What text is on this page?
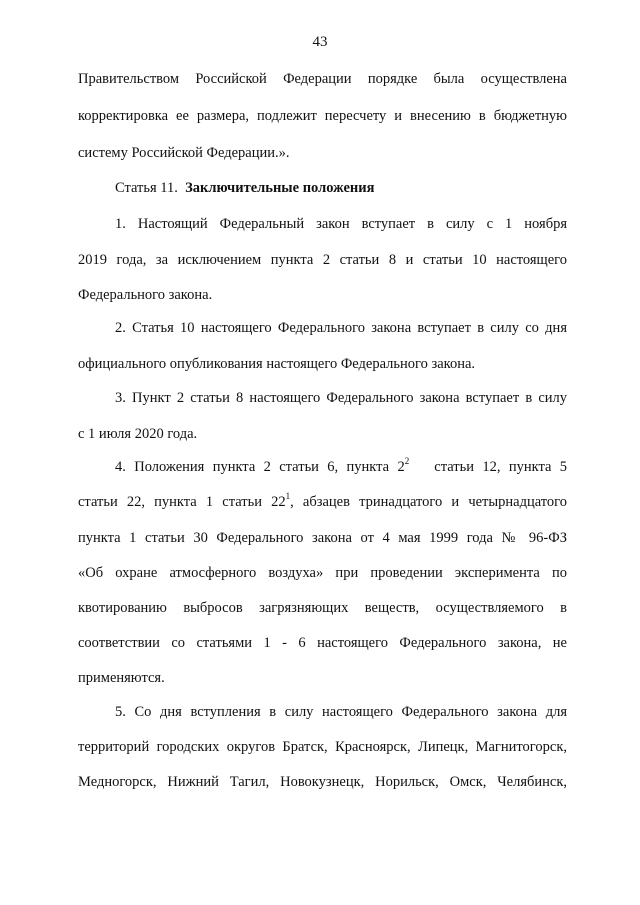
43
Правительством Российской Федерации порядке была осуществлена
корректировка ее размера, подлежит пересчету и внесению в бюджетную
систему Российской Федерации.».
Статья 11. Заключительные положения
1. Настоящий Федеральный закон вступает в силу с 1 ноября
2019 года, за исключением пункта 2 статьи 8 и статьи 10 настоящего
Федерального закона.
2. Статья 10 настоящего Федерального закона вступает в силу со дня
официального опубликования настоящего Федерального закона.
3. Пункт 2 статьи 8 настоящего Федерального закона вступает в силу
с 1 июля 2020 года.
4. Положения пункта 2 статьи 6, пункта $2^2$ статьи 12, пункта 5
статьи 22, пункта 1 статьи $22^1$, абзацев тринадцатого и четырнадцатого
пункта 1 статьи 30 Федерального закона от 4 мая 1999 года № 96-ФЗ
«Об охране атмосферного воздуха» при проведении эксперимента по
квотированию выбросов загрязняющих веществ, осуществляемого в
соответствии со статьями 1 - 6 настоящего Федерального закона, не
применяются.
5. Со дня вступления в силу настоящего Федерального закона для
территорий городских округов Братск, Красноярск, Липецк, Магнитогорск,
Медногорск, Нижний Тагил, Новокузнецк, Норильск, Омск, Челябинск,
